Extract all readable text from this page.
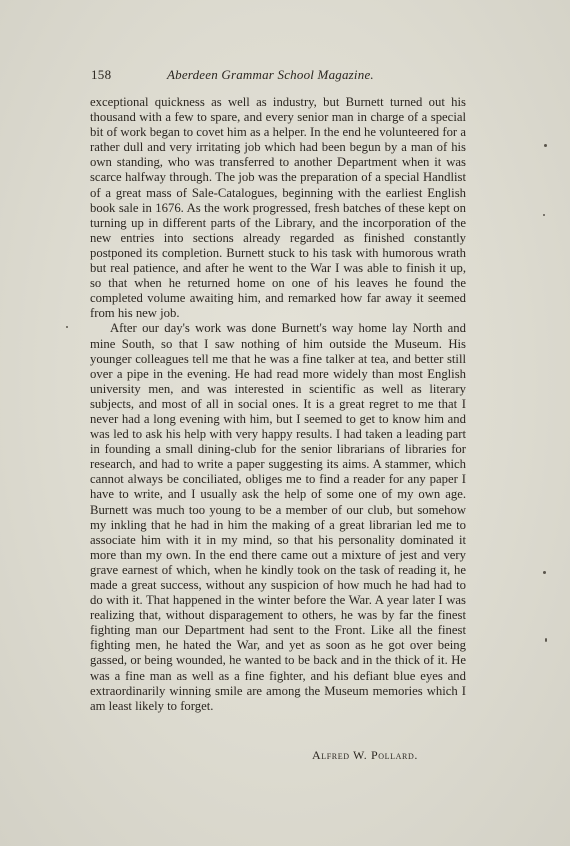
158	Aberdeen Grammar School Magazine.

exceptional quickness as well as industry, but Burnett turned out his thousand with a few to spare, and every senior man in charge of a special bit of work began to covet him as a helper. In the end he volunteered for a rather dull and very irritating job which had been begun by a man of his own standing, who was transferred to another Department when it was scarce halfway through. The job was the preparation of a special Handlist of a great mass of Sale-Catalogues, beginning with the earliest English book sale in 1676. As the work progressed, fresh batches of these kept on turning up in different parts of the Library, and the incorporation of the new entries into sections already regarded as finished constantly postponed its completion. Burnett stuck to his task with humorous wrath but real patience, and after he went to the War I was able to finish it up, so that when he returned home on one of his leaves he found the completed volume awaiting him, and remarked how far away it seemed from his new job.

After our day's work was done Burnett's way home lay North and mine South, so that I saw nothing of him outside the Museum. His younger colleagues tell me that he was a fine talker at tea, and better still over a pipe in the evening. He had read more widely than most English university men, and was interested in scientific as well as literary subjects, and most of all in social ones. It is a great regret to me that I never had a long evening with him, but I seemed to get to know him and was led to ask his help with very happy results. I had taken a leading part in founding a small dining-club for the senior librarians of libraries for research, and had to write a paper suggesting its aims. A stammer, which cannot always be conciliated, obliges me to find a reader for any paper I have to write, and I usually ask the help of some one of my own age. Burnett was much too young to be a member of our club, but somehow my inkling that he had in him the making of a great librarian led me to associate him with it in my mind, so that his personality dominated it more than my own. In the end there came out a mixture of jest and very grave earnest of which, when he kindly took on the task of reading it, he made a great success, without any suspicion of how much he had had to do with it. That happened in the winter before the War. A year later I was realizing that, without disparagement to others, he was by far the finest fighting man our Department had sent to the Front. Like all the finest fighting men, he hated the War, and yet as soon as he got over being gassed, or being wounded, he wanted to be back and in the thick of it. He was a fine man as well as a fine fighter, and his defiant blue eyes and extraordinarily winning smile are among the Museum memories which I am least likely to forget.

Alfred W. Pollard.
